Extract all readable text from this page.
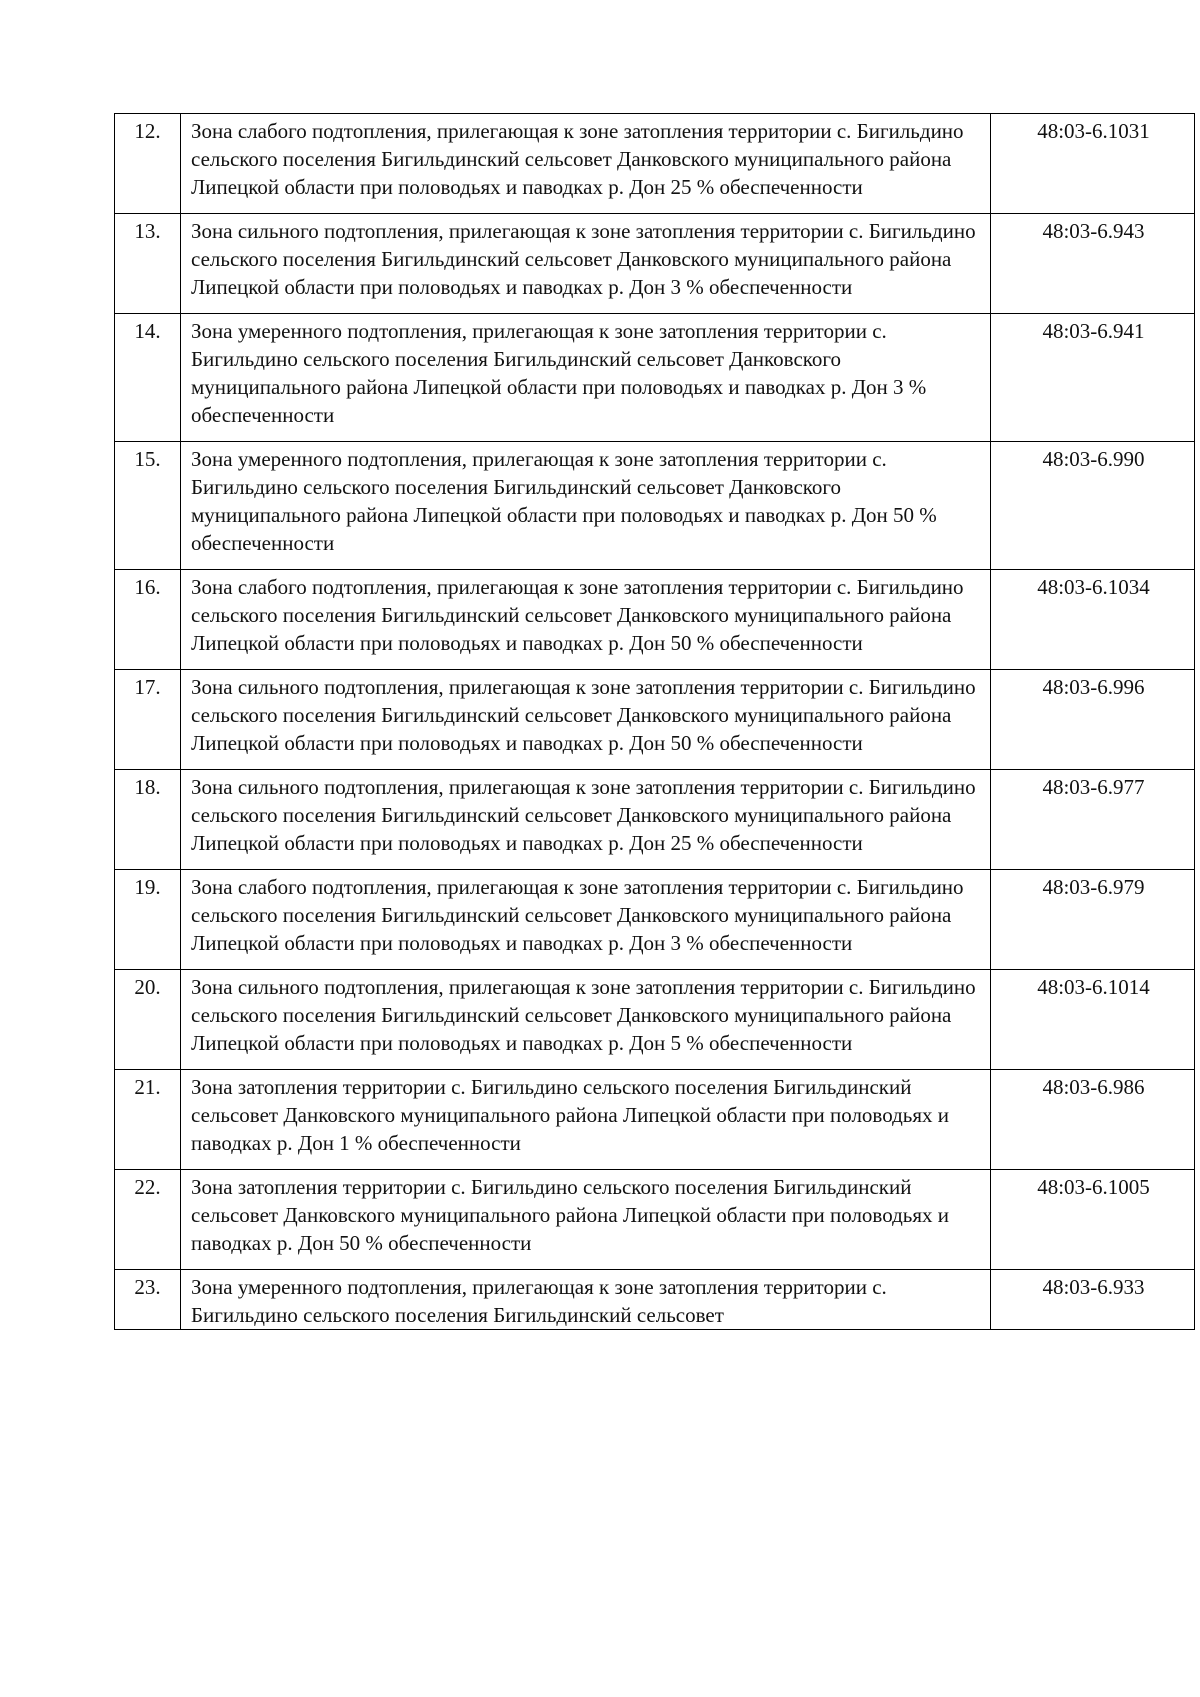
12.	Зона слабого подтопления, прилегающая к зоне затопления территории с. Бигильдино сельского поселения Бигильдинский сельсовет Данковского муниципального района Липецкой области при половодьях и паводках р. Дон 25 % обеспеченности	48:03-6.1031
13.	Зона сильного подтопления, прилегающая к зоне затопления территории с. Бигильдино сельского поселения Бигильдинский сельсовет Данковского муниципального района Липецкой области при половодьях и паводках р. Дон 3 % обеспеченности	48:03-6.943
14.	Зона умеренного подтопления, прилегающая к зоне затопления территории с. Бигильдино сельского поселения Бигильдинский сельсовет Данковского муниципального района Липецкой области при половодьях и паводках р. Дон 3 % обеспеченности	48:03-6.941
15.	Зона умеренного подтопления, прилегающая к зоне затопления территории с. Бигильдино сельского поселения Бигильдинский сельсовет Данковского муниципального района Липецкой области при половодьях и паводках р. Дон 50 % обеспеченности	48:03-6.990
16.	Зона слабого подтопления, прилегающая к зоне затопления территории с. Бигильдино сельского поселения Бигильдинский сельсовет Данковского муниципального района Липецкой области при половодьях и паводках р. Дон 50 % обеспеченности	48:03-6.1034
17.	Зона сильного подтопления, прилегающая к зоне затопления территории с. Бигильдино сельского поселения Бигильдинский сельсовет Данковского муниципального района Липецкой области при половодьях и паводках р. Дон 50 % обеспеченности	48:03-6.996
18.	Зона сильного подтопления, прилегающая к зоне затопления территории с. Бигильдино сельского поселения Бигильдинский сельсовет Данковского муниципального района Липецкой области при половодьях и паводках р. Дон 25 % обеспеченности	48:03-6.977
19.	Зона слабого подтопления, прилегающая к зоне затопления территории с. Бигильдино сельского поселения Бигильдинский сельсовет Данковского муниципального района Липецкой области при половодьях и паводках р. Дон 3 % обеспеченности	48:03-6.979
20.	Зона сильного подтопления, прилегающая к зоне затопления территории с. Бигильдино сельского поселения Бигильдинский сельсовет Данковского муниципального района Липецкой области при половодьях и паводках р. Дон 5 % обеспеченности	48:03-6.1014
21.	Зона затопления территории с. Бигильдино сельского поселения Бигильдинский сельсовет Данковского муниципального района Липецкой области при половодьях и паводках р. Дон 1 % обеспеченности	48:03-6.986
22.	Зона затопления территории с. Бигильдино сельского поселения Бигильдинский сельсовет Данковского муниципального района Липецкой области при половодьях и паводках р. Дон 50 % обеспеченности	48:03-6.1005
23.	Зона умеренного подтопления, прилегающая к зоне затопления территории с. Бигильдино сельского поселения Бигильдинский сельсовет	48:03-6.933
